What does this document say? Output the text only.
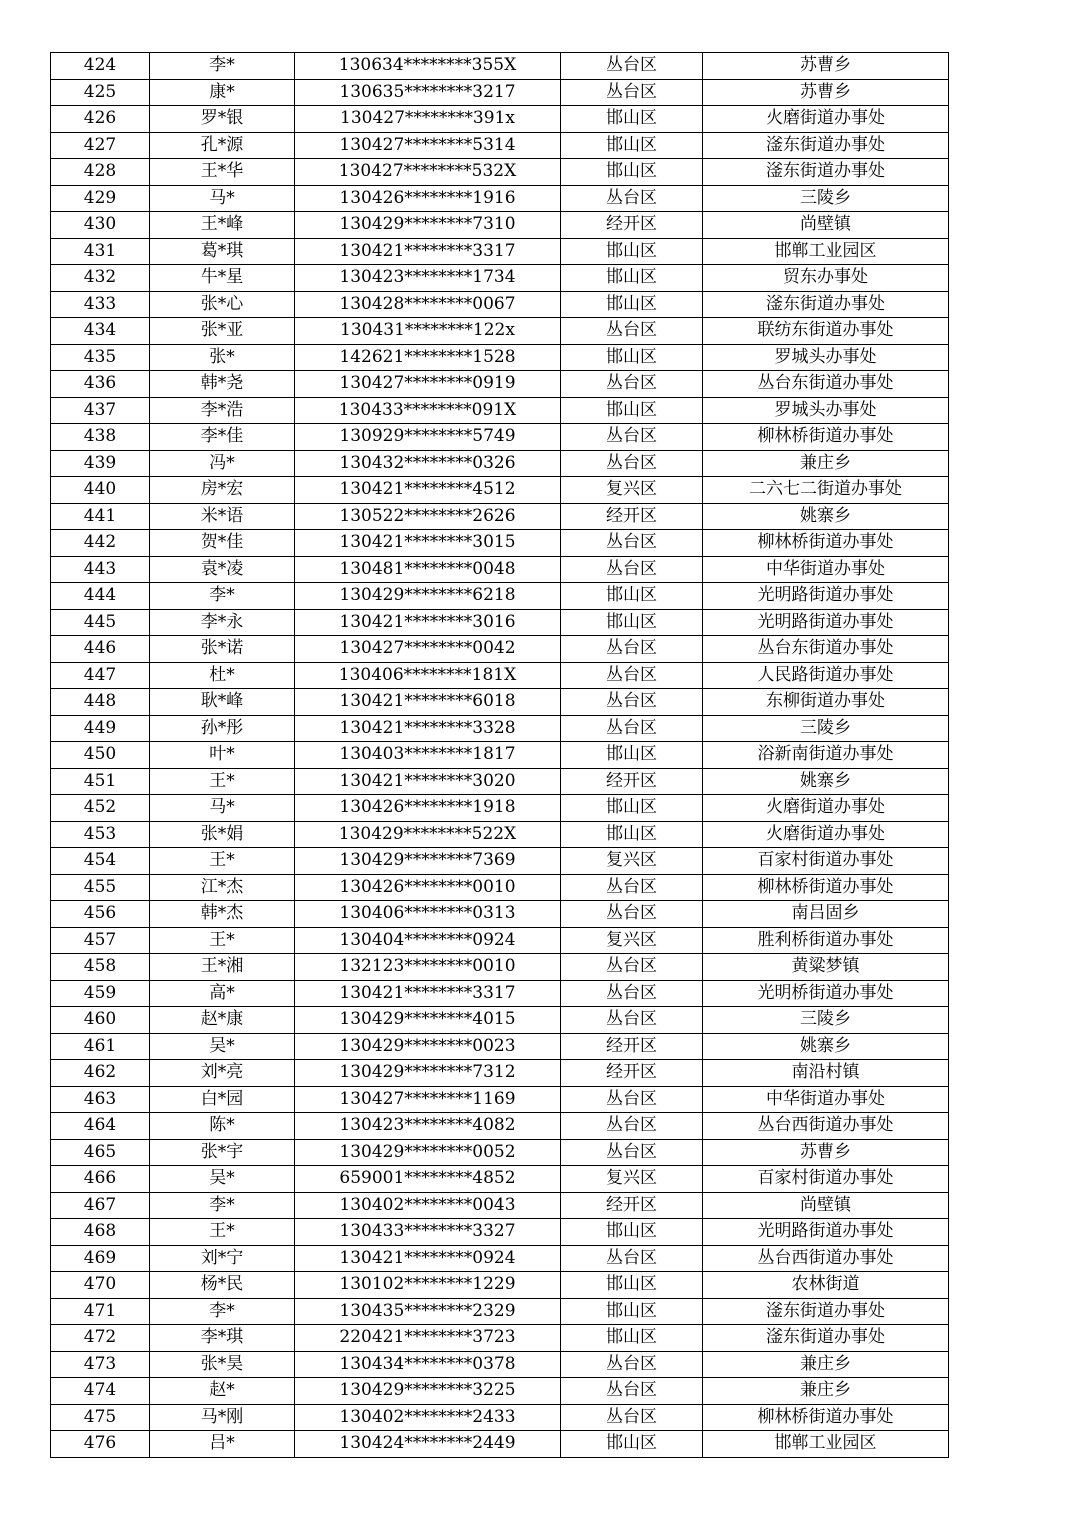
424	李*	130634********355X	丛台区	苏曹乡
425	康*	130635********3217	丛台区	苏曹乡
426	罗*银	130427********391x	邯山区	火磨街道办事处
427	孔*源	130427********5314	邯山区	滏东街道办事处
428	王*华	130427********532X	邯山区	滏东街道办事处
429	马*	130426********1916	丛台区	三陵乡
430	王*峰	130429********7310	经开区	尚壁镇
431	葛*琪	130421********3317	邯山区	邯郸工业园区
432	牛*星	130423********1734	邯山区	贸东办事处
433	张*心	130428********0067	邯山区	滏东街道办事处
434	张*亚	130431********122x	丛台区	联纺东街道办事处
435	张*	142621********1528	邯山区	罗城头办事处
436	韩*尧	130427********0919	丛台区	丛台东街道办事处
437	李*浩	130433********091X	邯山区	罗城头办事处
438	李*佳	130929********5749	丛台区	柳林桥街道办事处
439	冯*	130432********0326	丛台区	兼庄乡
440	房*宏	130421********4512	复兴区	二六七二街道办事处
441	米*语	130522********2626	经开区	姚寨乡
442	贺*佳	130421********3015	丛台区	柳林桥街道办事处
443	袁*凌	130481********0048	丛台区	中华街道办事处
444	李*	130429********6218	邯山区	光明路街道办事处
445	李*永	130421********3016	邯山区	光明路街道办事处
446	张*诺	130427********0042	丛台区	丛台东街道办事处
447	杜*	130406********181X	丛台区	人民路街道办事处
448	耿*峰	130421********6018	丛台区	东柳街道办事处
449	孙*彤	130421********3328	丛台区	三陵乡
450	叶*	130403********1817	邯山区	浴新南街道办事处
451	王*	130421********3020	经开区	姚寨乡
452	马*	130426********1918	邯山区	火磨街道办事处
453	张*娟	130429********522X	邯山区	火磨街道办事处
454	王*	130429********7369	复兴区	百家村街道办事处
455	江*杰	130426********0010	丛台区	柳林桥街道办事处
456	韩*杰	130406********0313	丛台区	南吕固乡
457	王*	130404********0924	复兴区	胜利桥街道办事处
458	王*湘	132123********0010	丛台区	黄粱梦镇
459	高*	130421********3317	丛台区	光明桥街道办事处
460	赵*康	130429********4015	丛台区	三陵乡
461	吴*	130429********0023	经开区	姚寨乡
462	刘*亮	130429********7312	经开区	南沿村镇
463	白*园	130427********1169	丛台区	中华街道办事处
464	陈*	130423********4082	丛台区	丛台西街道办事处
465	张*宇	130429********0052	丛台区	苏曹乡
466	吴*	659001********4852	复兴区	百家村街道办事处
467	李*	130402********0043	经开区	尚壁镇
468	王*	130433********3327	邯山区	光明路街道办事处
469	刘*宁	130421********0924	丛台区	丛台西街道办事处
470	杨*民	130102********1229	邯山区	农林街道
471	李*	130435********2329	邯山区	滏东街道办事处
472	李*琪	220421********3723	邯山区	滏东街道办事处
473	张*昊	130434********0378	丛台区	兼庄乡
474	赵*	130429********3225	丛台区	兼庄乡
475	马*刚	130402********2433	丛台区	柳林桥街道办事处
476	吕*	130424********2449	邯山区	邯郸工业园区
